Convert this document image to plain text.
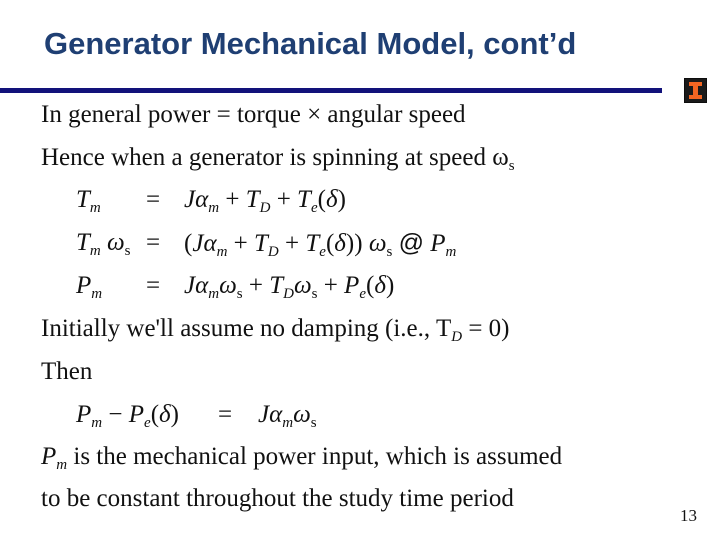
Generator Mechanical Model, cont’d
In general power = torque × angular speed
Hence when a generator is spinning at speed $\omega_s$
$T_m = J\alpha_m + T_D + T_e(\delta)$
$T_m$ $\omega_s = (J\alpha_m + T_D + T_e(\delta))$ $\omega_s$ @ $P_m$
$P_m = J\alpha_m\omega_s + T_D\omega_s + P_e(\delta)$
Initially we'll assume no damping (i.e., $T_D = 0$)
Then
$P_m - P_e(\delta) = J\alpha_m\omega_s$
$P_m$ is the mechanical power input, which is assumed
to be constant throughout the study time period
13
